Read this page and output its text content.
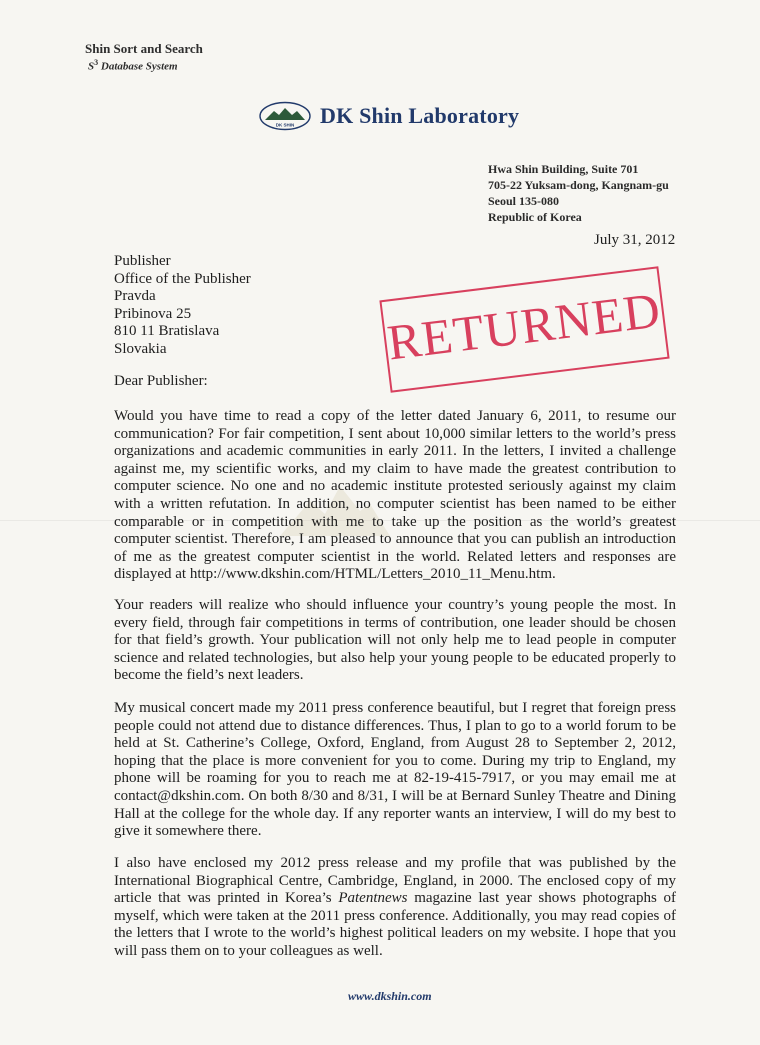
Shin Sort and Search
$S^3$ Database System
DK SHIN DK Shin Laboratory
Hwa Shin Building, Suite 701
705-22 Yuksam-dong, Kangnam-gu
Seoul 135-080
Republic of Korea
July 31, 2012
Publisher
Office of the Publisher
Pravda
Pribinova 25
810 11 Bratislava
Slovakia	RETURNED
Dear Publisher:

Would you have time to read a copy of the letter dated January 6, 2011, to resume our communication? For fair competition, I sent about 10,000 similar letters to the world’s press organizations and academic communities in early 2011. In the letters, I invited a challenge against me, my scientific works, and my claim to have made the greatest contribution to computer science. No one and no academic institute protested seriously against my claim with a written refutation. In addition, no computer scientist has been named to be either comparable or in competition with me to take up the position as the world’s greatest computer scientist. Therefore, I am pleased to announce that you can publish an introduction of me as the greatest computer scientist in the world. Related letters and responses are displayed at http://www.dkshin.com/HTML/Letters_2010_11_Menu.htm.

Your readers will realize who should influence your country’s young people the most. In every field, through fair competitions in terms of contribution, one leader should be chosen for that field’s growth. Your publication will not only help me to lead people in computer science and related technologies, but also help your young people to be educated properly to become the field’s next leaders.

My musical concert made my 2011 press conference beautiful, but I regret that foreign press people could not attend due to distance differences. Thus, I plan to go to a world forum to be held at St. Catherine’s College, Oxford, England, from August 28 to September 2, 2012, hoping that the place is more convenient for you to come. During my trip to England, my phone will be roaming for you to reach me at 82-19-415-7917, or you may email me at contact@dkshin.com. On both 8/30 and 8/31, I will be at Bernard Sunley Theatre and Dining Hall at the college for the whole day. If any reporter wants an interview, I will do my best to give it somewhere there.

I also have enclosed my 2012 press release and my profile that was published by the International Biographical Centre, Cambridge, England, in 2000. The enclosed copy of my article that was printed in Korea’s Patentnews magazine last year shows photographs of myself, which were taken at the 2011 press conference. Additionally, you may read copies of the letters that I wrote to the world’s highest political leaders on my website. I hope that you will pass them on to your colleagues as well.

www.dkshin.com
